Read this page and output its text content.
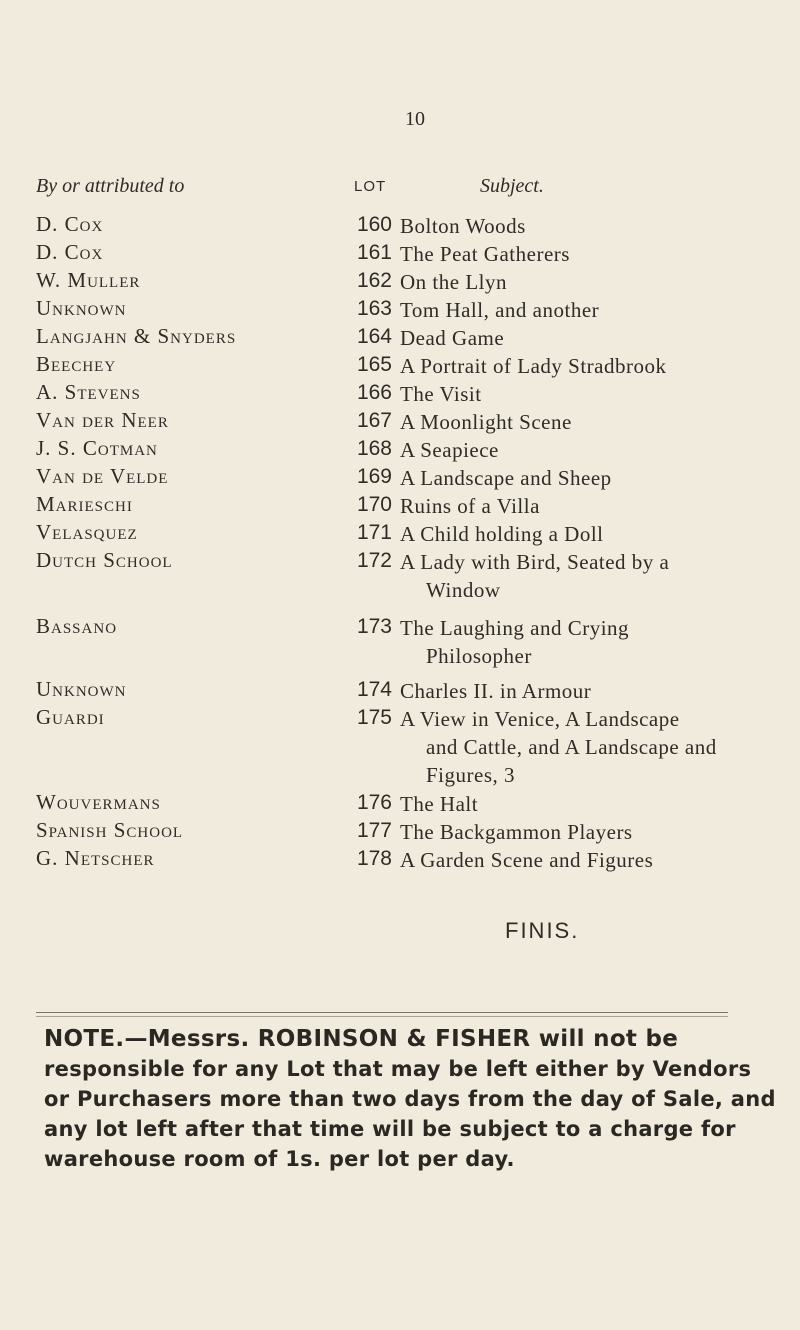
10
By or attributed to	LOT	Subject.
D. Cox	160 Bolton Woods
D. Cox	161 The Peat Gatherers
W. Muller	162 On the Llyn
Unknown	163 Tom Hall, and another
Langjahn & Snyders	164 Dead Game
Beechey	165 A Portrait of Lady Stradbrook
A. Stevens	166 The Visit
Van der Neer	167 A Moonlight Scene
J. S. Cotman	168 A Seapiece
Van de Velde	169 A Landscape and Sheep
Marieschi	170 Ruins of a Villa
Velasquez	171 A Child holding a Doll
Dutch School	172 A Lady with Bird, Seated by a
Window
Bassano	173 The Laughing and Crying
Philosopher
Unknown	174 Charles II. in Armour
Guardi	175 A View in Venice, A Landscape
and Cattle, and A Landscape and
Figures, 3
Wouvermans	176 The Halt
Spanish School	177 The Backgammon Players
G. Netscher	178 A Garden Scene and Figures
FINIS.

NOTE.—Messrs. ROBINSON & FISHER will not be

responsible for any Lot that may be left either by Vendors

or Purchasers more than two days from the day of Sale, and

any lot left after that time will be subject to a charge for

warehouse room of 1s. per lot per day.
